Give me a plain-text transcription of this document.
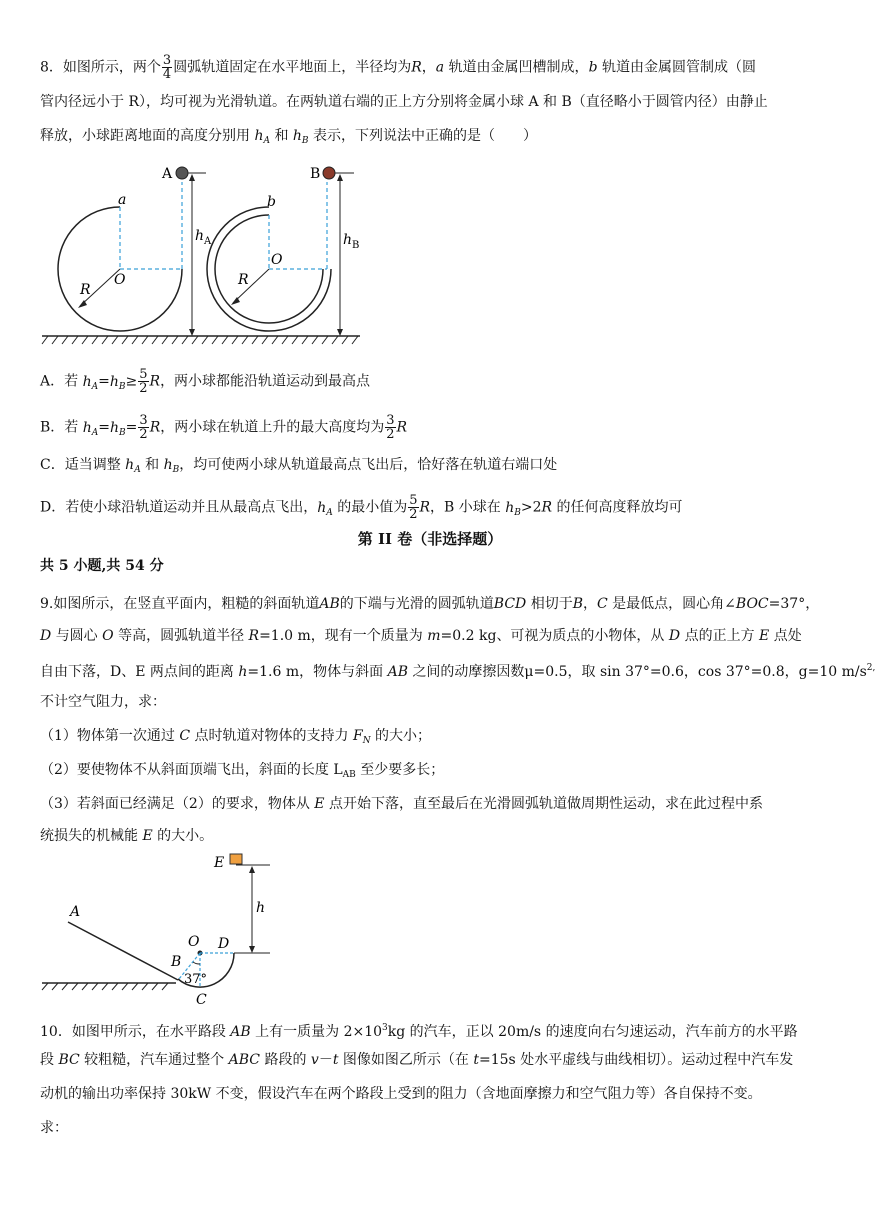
8．如图所示，两个 $\frac{3}{4}$ 圆弧轨道固定在水平地面上，半径均为R，a 轨道由金属凹槽制成，b 轨道由金属圆管制成（圆
管内径远小于 R），均可视为光滑轨道。在两轨道右端的正上方分别将金属小球 A 和 B（直径略小于圆管内径）由静止
释放，小球距离地面的高度分别用 $h_A$ 和 $h_B$ 表示，下列说法中正确的是（　　）
a
O
R
A
$h_A$
b
O
R
B
$h_B$
A．若 $h_A=h_B\ge \frac{5}{2}$ R，两小球都能沿轨道运动到最高点
B．若 $h_A=h_B= \frac{3}{2}$ R，两小球在轨道上升的最大高度均为 $\frac{3}{2}$ R
C．适当调整 $h_A$ 和 $h_B$，均可使两小球从轨道最高点飞出后，恰好落在轨道右端口处
D．若使小球沿轨道运动并且从最高点飞出，$h_A$ 的最小值为 $\frac{5}{2}$ R，B 小球在 $h_B>2R$ 的任何高度释放均可
第 II 卷（非选择题）
共 5 小题,共 54 分
9.如图所示，在竖直平面内，粗糙的斜面轨道AB的下端与光滑的圆弧轨道BCD 相切于B，C 是最低点，圆心角∠BOC=37°，
D 与圆心 O 等高，圆弧轨道半径 R=1.0 m，现有一个质量为 m=0.2 kg、可视为质点的小物体，从 D 点的正上方 E 点处
自由下落，D、E 两点间的距离 h=1.6 m，物体与斜面 AB 之间的动摩擦因数μ=0.5，取 sin 37°=0.6，cos 37°=0.8，g=10 $m/s^{2,}$
不计空气阻力，求：
（1）物体第一次通过 C 点时轨道对物体的支持力 $F_N$ 的大小；
（2）要使物体不从斜面顶端飞出，斜面的长度 $L_{AB}$ 至少要多长；
（3）若斜面已经满足（2）的要求，物体从 E 点开始下落，直至最后在光滑圆弧轨道做周期性运动，求在此过程中系
统损失的机械能 E 的大小。
E
h
A
O D
B
37°
C
10．如图甲所示，在水平路段 AB 上有一质量为 $2\times 10^3kg$ 的汽车，正以 20m/s 的速度向右匀速运动，汽车前方的水平路
段 BC 较粗糙，汽车通过整个 ABC 路段的 v－t 图像如图乙所示（在 t=15s 处水平虚线与曲线相切）。运动过程中汽车发
动机的输出功率保持 30kW 不变，假设汽车在两个路段上受到的阻力（含地面摩擦力和空气阻力等）各自保持不变。
求：
